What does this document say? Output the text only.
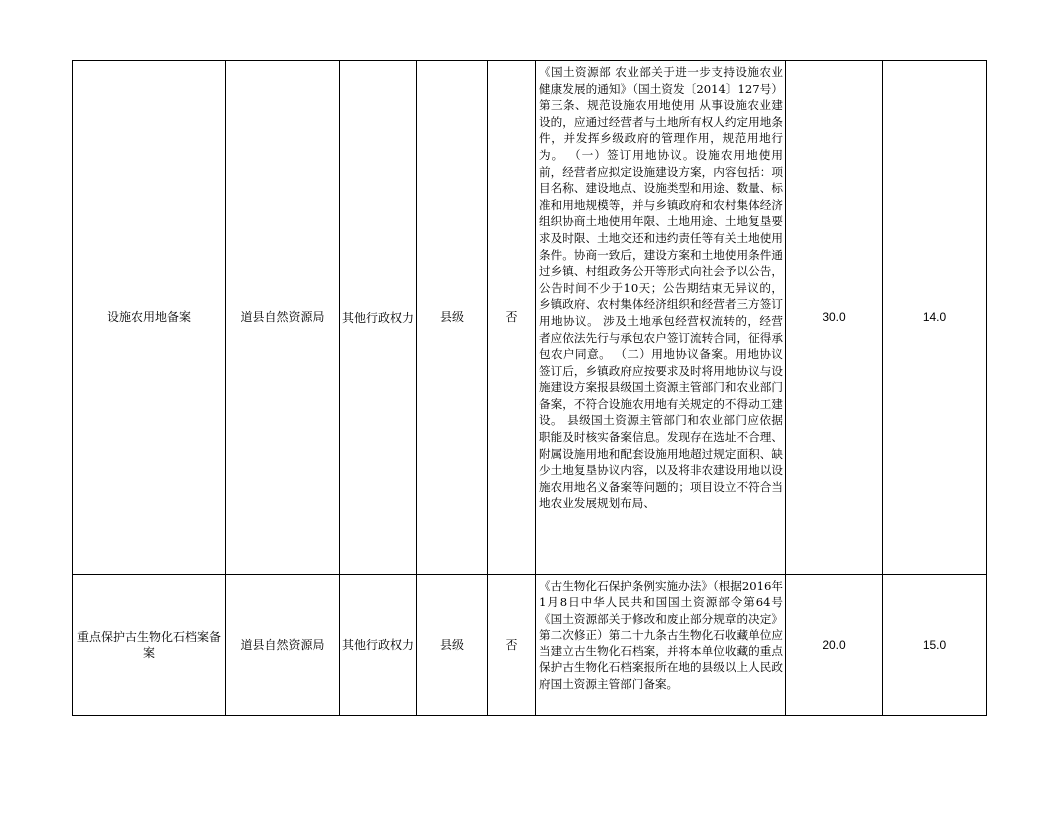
设施农用地备案	道县自然资源局	其他行政权力	县级	否	《国土资源部 农业部关于进一步支持设施农业健康发展的通知》（国土资发〔2014〕127号）第三条、规范设施农用地使用 从事设施农业建设的，应通过经营者与土地所有权人约定用地条件，并发挥乡级政府的管理作用，规范用地行为。 （一）签订用地协议。设施农用地使用前，经营者应拟定设施建设方案，内容包括：项目名称、建设地点、设施类型和用途、数量、标准和用地规模等，并与乡镇政府和农村集体经济组织协商土地使用年限、土地用途、土地复垦要求及时限、土地交还和违约责任等有关土地使用条件。协商一致后，建设方案和土地使用条件通过乡镇、村组政务公开等形式向社会予以公告，公告时间不少于10天；公告期结束无异议的，乡镇政府、农村集体经济组织和经营者三方签订用地协议。 涉及土地承包经营权流转的，经营者应依法先行与承包农户签订流转合同，征得承包农户同意。 （二）用地协议备案。用地协议签订后，乡镇政府应按要求及时将用地协议与设施建设方案报县级国土资源主管部门和农业部门备案，不符合设施农用地有关规定的不得动工建设。 县级国土资源主管部门和农业部门应依据职能及时核实备案信息。发现存在选址不合理、附属设施用地和配套设施用地超过规定面积、缺少土地复垦协议内容，以及将非农建设用地以设施农用地名义备案等问题的；项目设立不符合当地农业发展规划布局、	30.0	14.0
重点保护古生物化石档案备案	道县自然资源局	其他行政权力	县级	否	《古生物化石保护条例实施办法》（根据2016年1月8日中华人民共和国国土资源部令第64号《国土资源部关于修改和废止部分规章的决定》第二次修正）第二十九条古生物化石收藏单位应当建立古生物化石档案，并将本单位收藏的重点保护古生物化石档案报所在地的县级以上人民政府国土资源主管部门备案。	20.0	15.0
